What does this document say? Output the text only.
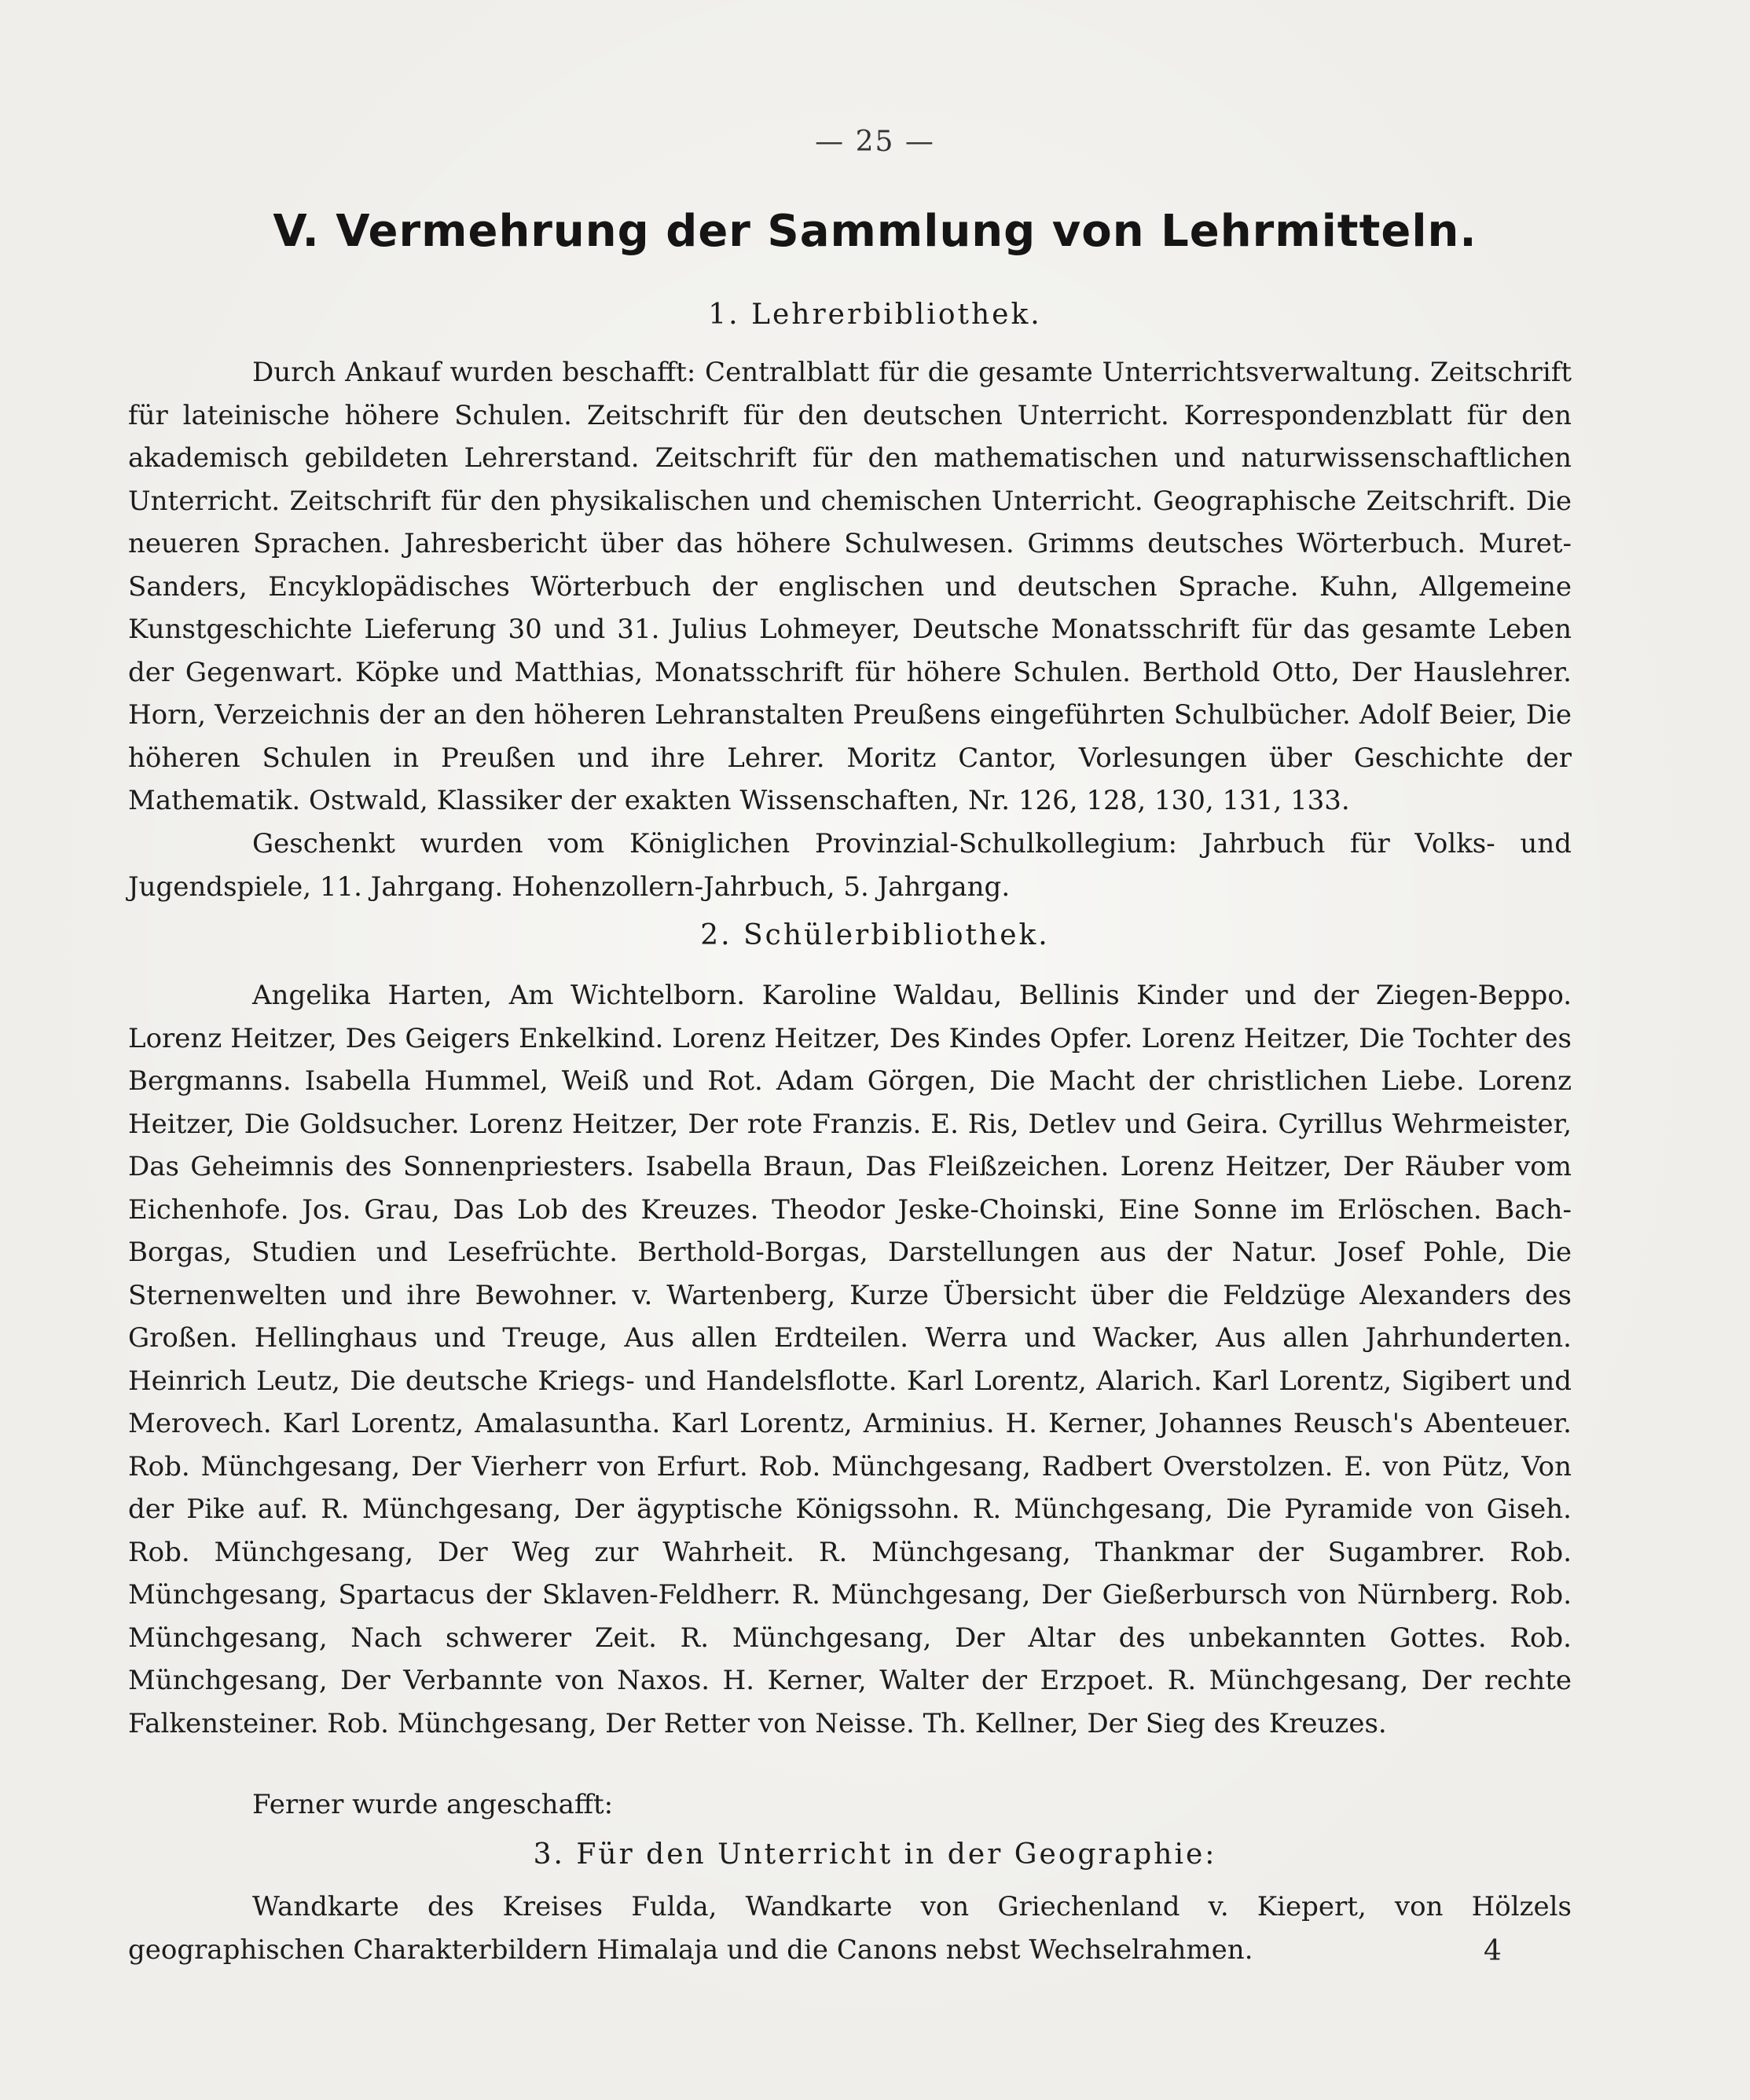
— 25 —
V. Vermehrung der Sammlung von Lehrmitteln.
1. Lehrerbibliothek.

Durch Ankauf wurden beschafft: Centralblatt für die gesamte Unterrichtsverwaltung. Zeitschrift für lateinische höhere Schulen. Zeitschrift für den deutschen Unterricht. Korrespondenzblatt für den akademisch gebildeten Lehrerstand. Zeitschrift für den mathematischen und naturwissenschaftlichen Unterricht. Zeitschrift für den physikalischen und chemischen Unterricht. Geographische Zeitschrift. Die neueren Sprachen. Jahresbericht über das höhere Schulwesen. Grimms deutsches Wörterbuch. Muret-Sanders, Encyklopädisches Wörterbuch der englischen und deutschen Sprache. Kuhn, Allgemeine Kunstgeschichte Lieferung 30 und 31. Julius Lohmeyer, Deutsche Monatsschrift für das gesamte Leben der Gegenwart. Köpke und Matthias, Monatsschrift für höhere Schulen. Berthold Otto, Der Hauslehrer. Horn, Verzeichnis der an den höheren Lehranstalten Preußens eingeführten Schulbücher. Adolf Beier, Die höheren Schulen in Preußen und ihre Lehrer. Moritz Cantor, Vorlesungen über Geschichte der Mathematik. Ostwald, Klassiker der exakten Wissenschaften, Nr. 126, 128, 130, 131, 133.

Geschenkt wurden vom Königlichen Provinzial-Schulkollegium: Jahrbuch für Volks- und Jugendspiele, 11. Jahrgang. Hohenzollern-Jahrbuch, 5. Jahrgang.

2. Schülerbibliothek.

Angelika Harten, Am Wichtelborn. Karoline Waldau, Bellinis Kinder und der Ziegen-Beppo. Lorenz Heitzer, Des Geigers Enkelkind. Lorenz Heitzer, Des Kindes Opfer. Lorenz Heitzer, Die Tochter des Bergmanns. Isabella Hummel, Weiß und Rot. Adam Görgen, Die Macht der christlichen Liebe. Lorenz Heitzer, Die Goldsucher. Lorenz Heitzer, Der rote Franzis. E. Ris, Detlev und Geira. Cyrillus Wehrmeister, Das Geheimnis des Sonnenpriesters. Isabella Braun, Das Fleißzeichen. Lorenz Heitzer, Der Räuber vom Eichenhofe. Jos. Grau, Das Lob des Kreuzes. Theodor Jeske-Choinski, Eine Sonne im Erlöschen. Bach-Borgas, Studien und Lesefrüchte. Berthold-Borgas, Darstellungen aus der Natur. Josef Pohle, Die Sternenwelten und ihre Bewohner. v. Wartenberg, Kurze Übersicht über die Feldzüge Alexanders des Großen. Hellinghaus und Treuge, Aus allen Erdteilen. Werra und Wacker, Aus allen Jahrhunderten. Heinrich Leutz, Die deutsche Kriegs- und Handelsflotte. Karl Lorentz, Alarich. Karl Lorentz, Sigibert und Merovech. Karl Lorentz, Amalasuntha. Karl Lorentz, Arminius. H. Kerner, Johannes Reusch's Abenteuer. Rob. Münchgesang, Der Vierherr von Erfurt. Rob. Münchgesang, Radbert Overstolzen. E. von Pütz, Von der Pike auf. R. Münchgesang, Der ägyptische Königssohn. R. Münchgesang, Die Pyramide von Giseh. Rob. Münchgesang, Der Weg zur Wahrheit. R. Münchgesang, Thankmar der Sugambrer. Rob. Münchgesang, Spartacus der Sklaven-Feldherr. R. Münchgesang, Der Gießerbursch von Nürnberg. Rob. Münchgesang, Nach schwerer Zeit. R. Münchgesang, Der Altar des unbekannten Gottes. Rob. Münchgesang, Der Verbannte von Naxos. H. Kerner, Walter der Erzpoet. R. Münchgesang, Der rechte Falkensteiner. Rob. Münchgesang, Der Retter von Neisse. Th. Kellner, Der Sieg des Kreuzes.

Ferner wurde angeschafft:

3. Für den Unterricht in der Geographie:

Wandkarte des Kreises Fulda, Wandkarte von Griechenland v. Kiepert, von Hölzels geographischen Charakterbildern Himalaja und die Canons nebst Wechselrahmen.	4
